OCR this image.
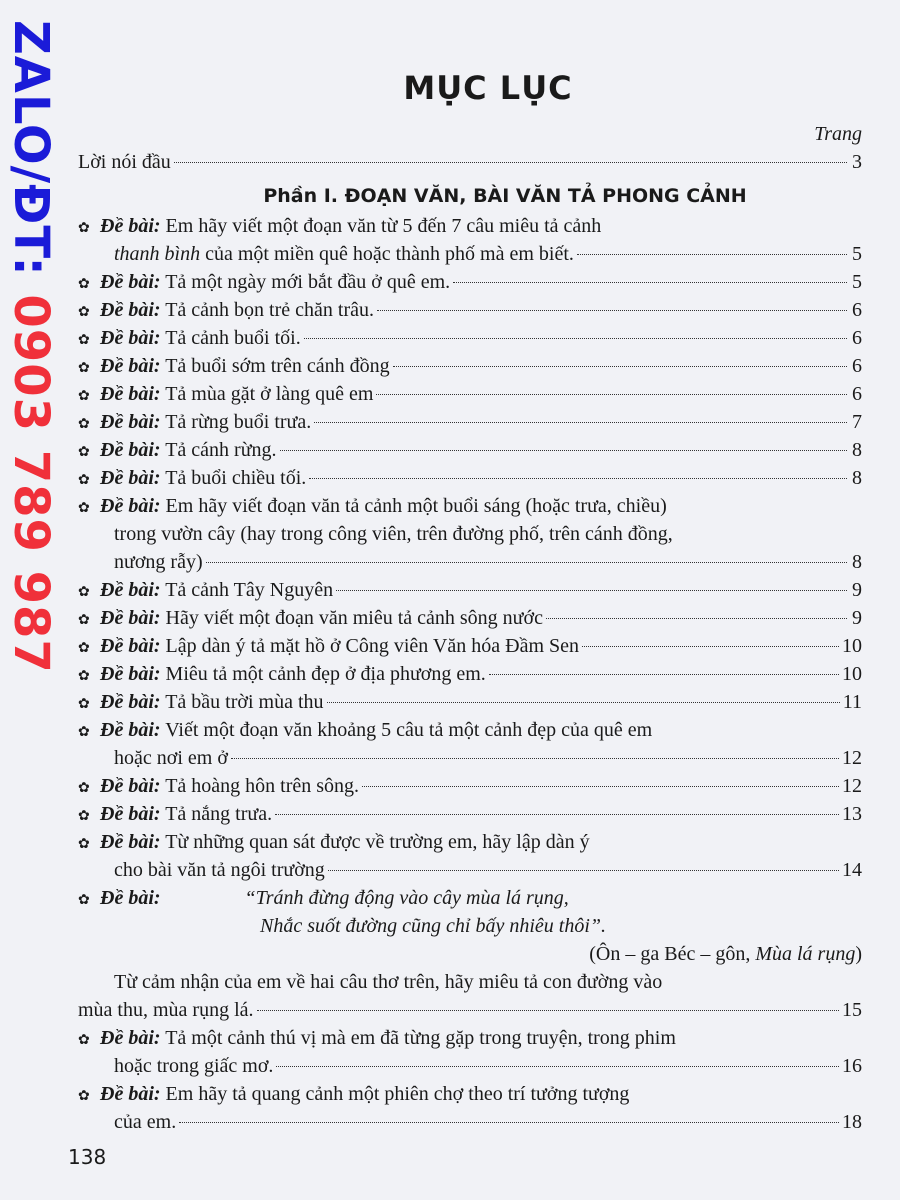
ZALO/ĐT: 0903 789 987
MỤC LỤC
Trang
Lời nói đầu	3
Phần I. ĐOẠN VĂN, BÀI VĂN TẢ PHONG CẢNH
✿ Đề bài: Em hãy viết một đoạn văn từ 5 đến 7 câu miêu tả cảnh
thanh bình của một miền quê hoặc thành phố mà em biết.	5
✿ Đề bài: Tả một ngày mới bắt đầu ở quê em.	5
✿ Đề bài: Tả cảnh bọn trẻ chăn trâu.	6
✿ Đề bài: Tả cảnh buổi tối.	6
✿ Đề bài: Tả buổi sớm trên cánh đồng	6
✿ Đề bài: Tả mùa gặt ở làng quê em	6
✿ Đề bài: Tả rừng buổi trưa.	7
✿ Đề bài: Tả cánh rừng.	8
✿ Đề bài: Tả buổi chiều tối.	8
✿ Đề bài: Em hãy viết đoạn văn tả cảnh một buổi sáng (hoặc trưa, chiều)
trong vườn cây (hay trong công viên, trên đường phố, trên cánh đồng,
nương rẫy)	8
✿ Đề bài: Tả cảnh Tây Nguyên	9
✿ Đề bài: Hãy viết một đoạn văn miêu tả cảnh sông nước	9
✿ Đề bài: Lập dàn ý tả mặt hồ ở Công viên Văn hóa Đầm Sen	10
✿ Đề bài: Miêu tả một cảnh đẹp ở địa phương em.	10
✿ Đề bài: Tả bầu trời mùa thu	11
✿ Đề bài: Viết một đoạn văn khoảng 5 câu tả một cảnh đẹp của quê em
hoặc nơi em ở	12
✿ Đề bài: Tả hoàng hôn trên sông.	12
✿ Đề bài: Tả nắng trưa.	13
✿ Đề bài: Từ những quan sát được về trường em, hãy lập dàn ý
cho bài văn tả ngôi trường	14
✿ Đề bài:	“Tránh đừng động vào cây mùa lá rụng,
Nhắc suốt đường cũng chỉ bấy nhiêu thôi”.
(Ôn – ga Béc – gôn, Mùa lá rụng)
Từ cảm nhận của em về hai câu thơ trên, hãy miêu tả con đường vào
mùa thu, mùa rụng lá.	15
✿ Đề bài: Tả một cảnh thú vị mà em đã từng gặp trong truyện, trong phim
hoặc trong giấc mơ.	16
✿ Đề bài: Em hãy tả quang cảnh một phiên chợ theo trí tưởng tượng
của em.	18
138
